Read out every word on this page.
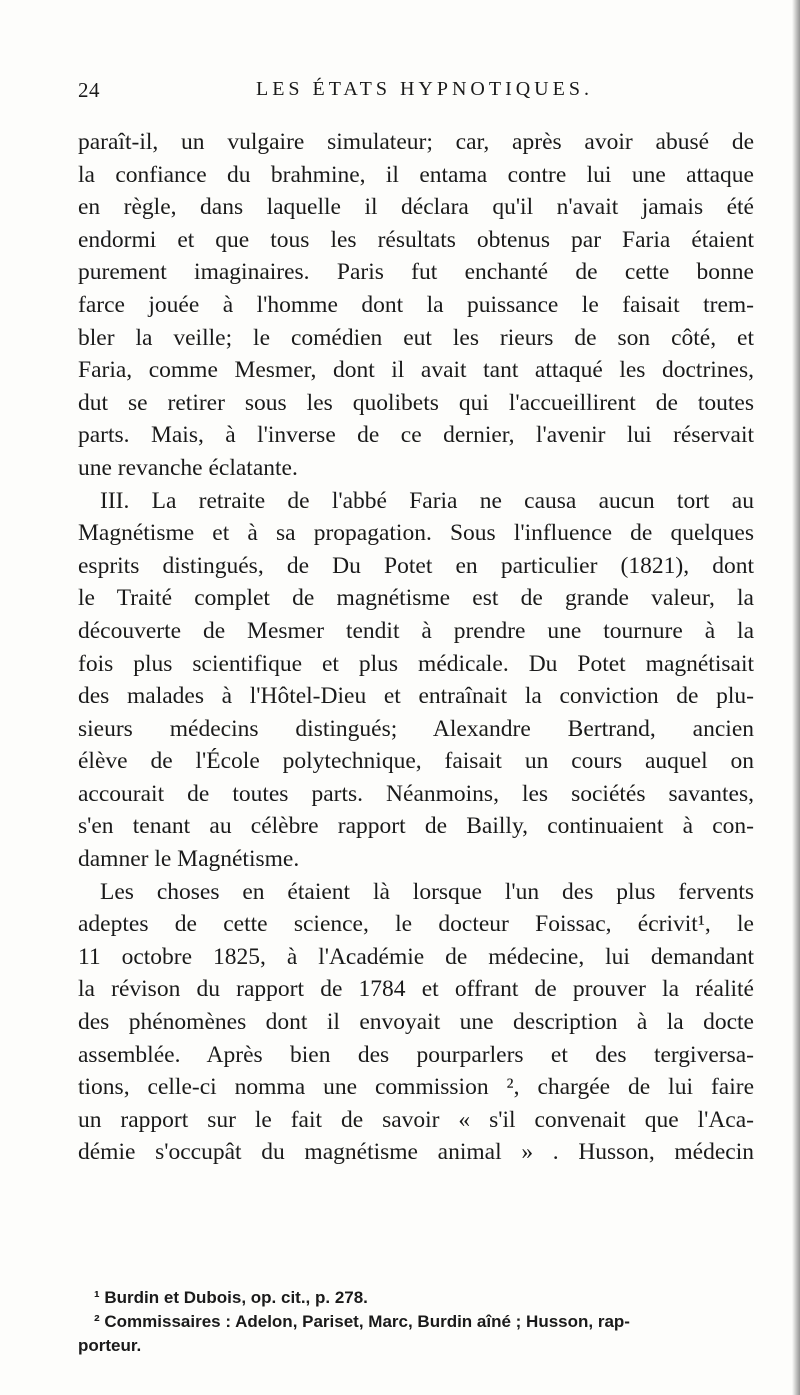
24	LES ÉTATS HYPNOTIQUES.
paraît-il, un vulgaire simulateur; car, après avoir abusé de
la confiance du brahmine, il entama contre lui une attaque
en règle, dans laquelle il déclara qu'il n'avait jamais été
endormi et que tous les résultats obtenus par Faria étaient
purement imaginaires. Paris fut enchanté de cette bonne
farce jouée à l'homme dont la puissance le faisait trem-
bler la veille; le comédien eut les rieurs de son côté, et
Faria, comme Mesmer, dont il avait tant attaqué les doctrines,
dut se retirer sous les quolibets qui l'accueillirent de toutes
parts. Mais, à l'inverse de ce dernier, l'avenir lui réservait
une revanche éclatante.
III. La retraite de l'abbé Faria ne causa aucun tort au
Magnétisme et à sa propagation. Sous l'influence de quelques
esprits distingués, de Du Potet en particulier (1821), dont
le Traité complet de magnétisme est de grande valeur, la
découverte de Mesmer tendit à prendre une tournure à la
fois plus scientifique et plus médicale. Du Potet magnétisait
des malades à l'Hôtel-Dieu et entraînait la conviction de plu-
sieurs médecins distingués; Alexandre Bertrand, ancien
élève de l'École polytechnique, faisait un cours auquel on
accourait de toutes parts. Néanmoins, les sociétés savantes,
s'en tenant au célèbre rapport de Bailly, continuaient à con-
damner le Magnétisme.
Les choses en étaient là lorsque l'un des plus fervents
adeptes de cette science, le docteur Foissac, écrivit¹, le
11 octobre 1825, à l'Académie de médecine, lui demandant
la révison du rapport de 1784 et offrant de prouver la réalité
des phénomènes dont il envoyait une description à la docte
assemblée. Après bien des pourparlers et des tergiversa-
tions, celle-ci nomma une commission ², chargée de lui faire
un rapport sur le fait de savoir « s'il convenait que l'Aca-
démie s'occupât du magnétisme animal » . Husson, médecin
¹ Burdin et Dubois, op. cit., p. 278.
² Commissaires : Adelon, Pariset, Marc, Burdin aîné ; Husson, rap-
porteur.
